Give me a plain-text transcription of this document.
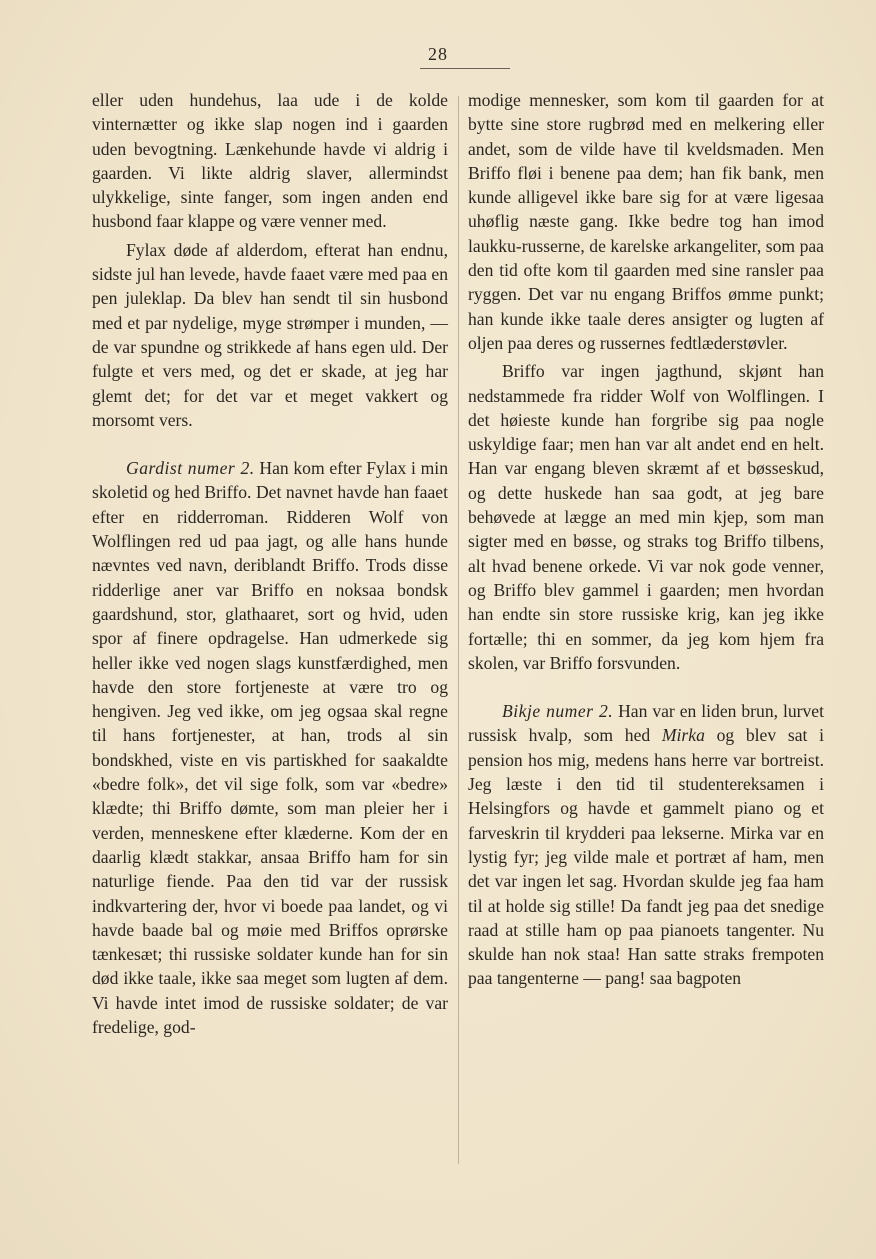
28

eller uden hundehus, laa ude i de kolde vinternætter og ikke slap nogen ind i gaarden uden bevogtning. Lænkehunde havde vi aldrig i gaarden. Vi likte aldrig slaver, allermindst ulykkelige, sinte fanger, som ingen anden end husbond faar klappe og være venner med.

Fylax døde af alderdom, efterat han endnu, sidste jul han levede, havde faaet være med paa en pen juleklap. Da blev han sendt til sin husbond med et par nydelige, myge strømper i munden, — de var spundne og strikkede af hans egen uld. Der fulgte et vers med, og det er skade, at jeg har glemt det; for det var et meget vakkert og morsomt vers.

Gardist numer 2. Han kom efter Fylax i min skoletid og hed Briffo. Det navnet havde han faaet efter en ridderroman. Ridderen Wolf von Wolflingen red ud paa jagt, og alle hans hunde nævntes ved navn, deriblandt Briffo. Trods disse ridderlige aner var Briffo en noksaa bondsk gaardshund, stor, glathaaret, sort og hvid, uden spor af finere opdragelse. Han udmerkede sig heller ikke ved nogen slags kunstfærdighed, men havde den store fortjeneste at være tro og hengiven. Jeg ved ikke, om jeg ogsaa skal regne til hans fortjenester, at han, trods al sin bondskhed, viste en vis partiskhed for saakaldte «bedre folk», det vil sige folk, som var «bedre» klædte; thi Briffo dømte, som man pleier her i verden, menneskene efter klæderne. Kom der en daarlig klædt stakkar, ansaa Briffo ham for sin naturlige fiende. Paa den tid var der russisk indkvartering der, hvor vi boede paa landet, og vi havde baade bal og møie med Briffos oprørske tænkesæt; thi russiske soldater kunde han for sin død ikke taale, ikke saa meget som lugten af dem. Vi havde intet imod de russiske soldater; de var fredelige, god-

modige mennesker, som kom til gaarden for at bytte sine store rugbrød med en melkering eller andet, som de vilde have til kveldsmaden. Men Briffo fløi i benene paa dem; han fik bank, men kunde alligevel ikke bare sig for at være ligesaa uhøflig næste gang. Ikke bedre tog han imod laukku-russerne, de karelske arkangeliter, som paa den tid ofte kom til gaarden med sine ransler paa ryggen. Det var nu engang Briffos ømme punkt; han kunde ikke taale deres ansigter og lugten af oljen paa deres og russernes fedtlæderstøvler.

Briffo var ingen jagthund, skjønt han nedstammede fra ridder Wolf von Wolflingen. I det høieste kunde han forgribe sig paa nogle uskyldige faar; men han var alt andet end en helt. Han var engang bleven skræmt af et bøsseskud, og dette huskede han saa godt, at jeg bare behøvede at lægge an med min kjep, som man sigter med en bøsse, og straks tog Briffo tilbens, alt hvad benene orkede. Vi var nok gode venner, og Briffo blev gammel i gaarden; men hvordan han endte sin store russiske krig, kan jeg ikke fortælle; thi en sommer, da jeg kom hjem fra skolen, var Briffo forsvunden.

Bikje numer 2. Han var en liden brun, lurvet russisk hvalp, som hed Mirka og blev sat i pension hos mig, medens hans herre var bortreist. Jeg læste i den tid til studentereksamen i Helsingfors og havde et gammelt piano og et farveskrin til krydderi paa lekserne. Mirka var en lystig fyr; jeg vilde male et portræt af ham, men det var ingen let sag. Hvordan skulde jeg faa ham til at holde sig stille! Da fandt jeg paa det snedige raad at stille ham op paa pianoets tangenter. Nu skulde han nok staa! Han satte straks frempoten paa tangenterne — pang! saa bagpoten
